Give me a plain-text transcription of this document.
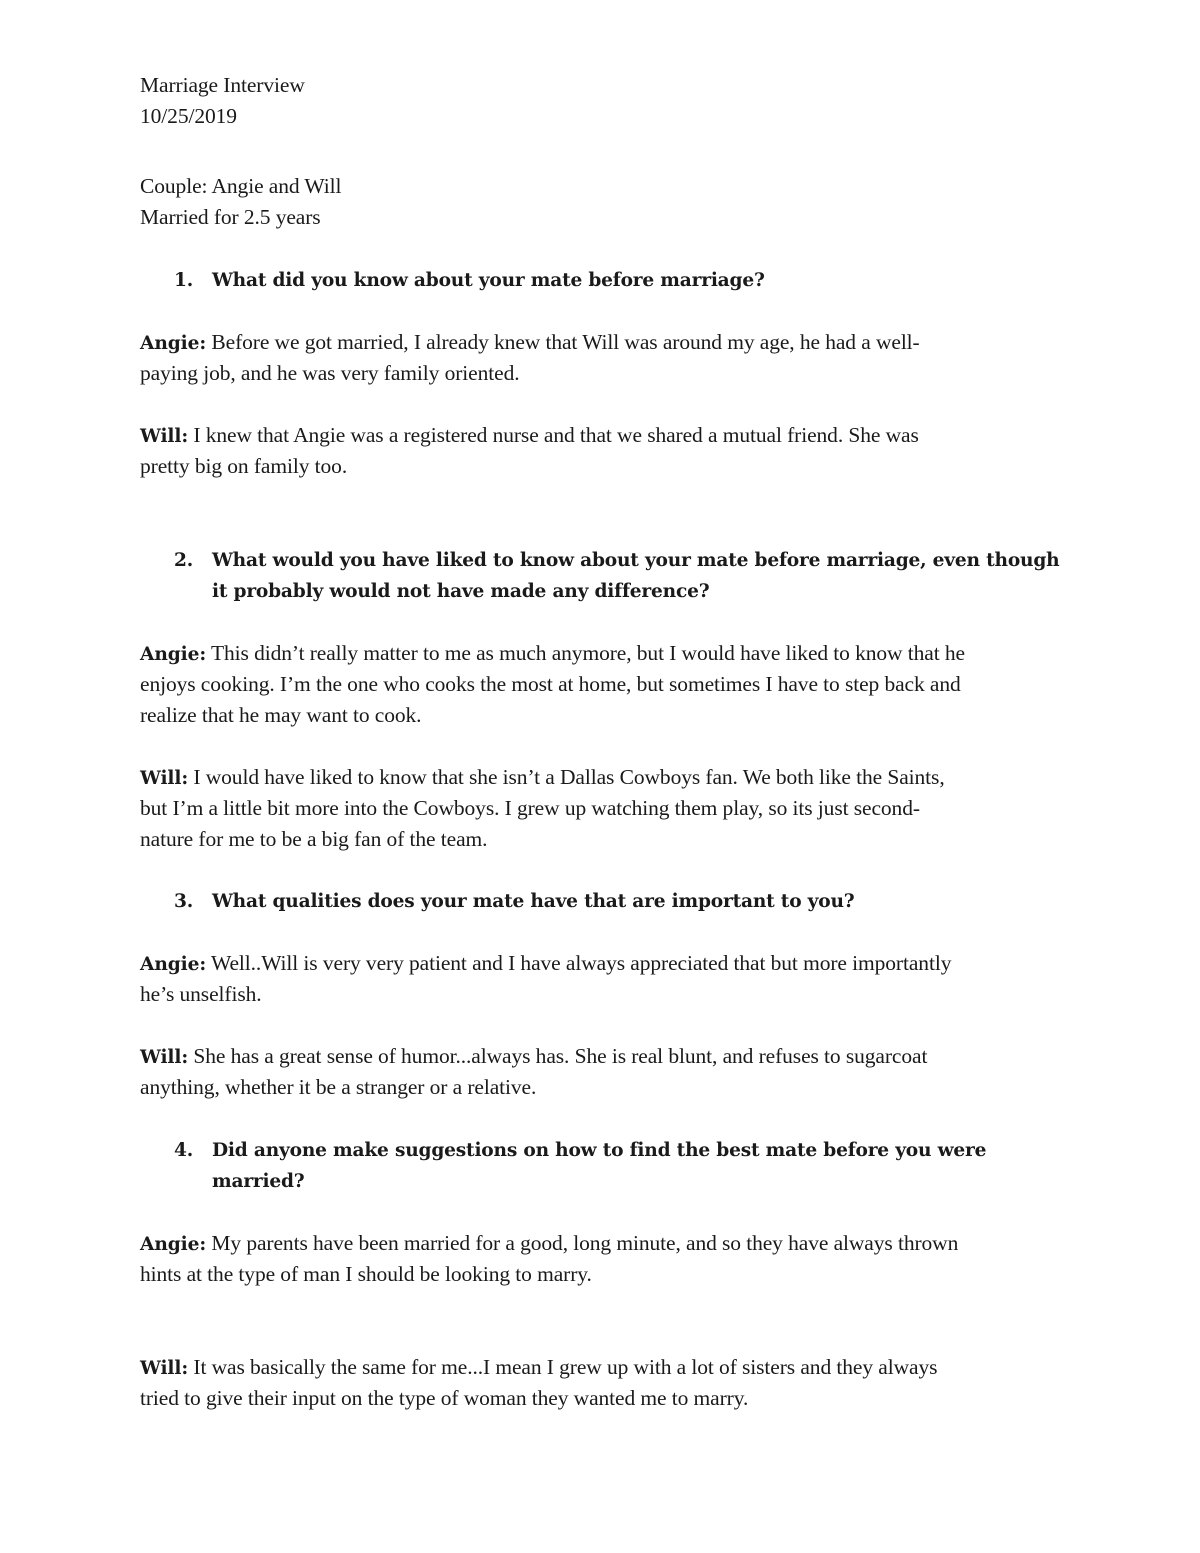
Marriage Interview
10/25/2019
Couple: Angie and Will
Married for 2.5 years
1. What did you know about your mate before marriage?
Angie: Before we got married, I already knew that Will was around my age, he had a well-
paying job, and he was very family oriented.
Will: I knew that Angie was a registered nurse and that we shared a mutual friend. She was
pretty big on family too.
2. What would you have liked to know about your mate before marriage, even though
it probably would not have made any difference?
Angie: This didn’t really matter to me as much anymore, but I would have liked to know that he
enjoys cooking. I’m the one who cooks the most at home, but sometimes I have to step back and
realize that he may want to cook.
Will: I would have liked to know that she isn’t a Dallas Cowboys fan. We both like the Saints,
but I’m a little bit more into the Cowboys. I grew up watching them play, so its just second-
nature for me to be a big fan of the team.
3. What qualities does your mate have that are important to you?
Angie: Well..Will is very very patient and I have always appreciated that but more importantly
he’s unselfish.
Will: She has a great sense of humor...always has. She is real blunt, and refuses to sugarcoat
anything, whether it be a stranger or a relative.
4. Did anyone make suggestions on how to find the best mate before you were
married?
Angie: My parents have been married for a good, long minute, and so they have always thrown
hints at the type of man I should be looking to marry.
Will: It was basically the same for me...I mean I grew up with a lot of sisters and they always
tried to give their input on the type of woman they wanted me to marry.
